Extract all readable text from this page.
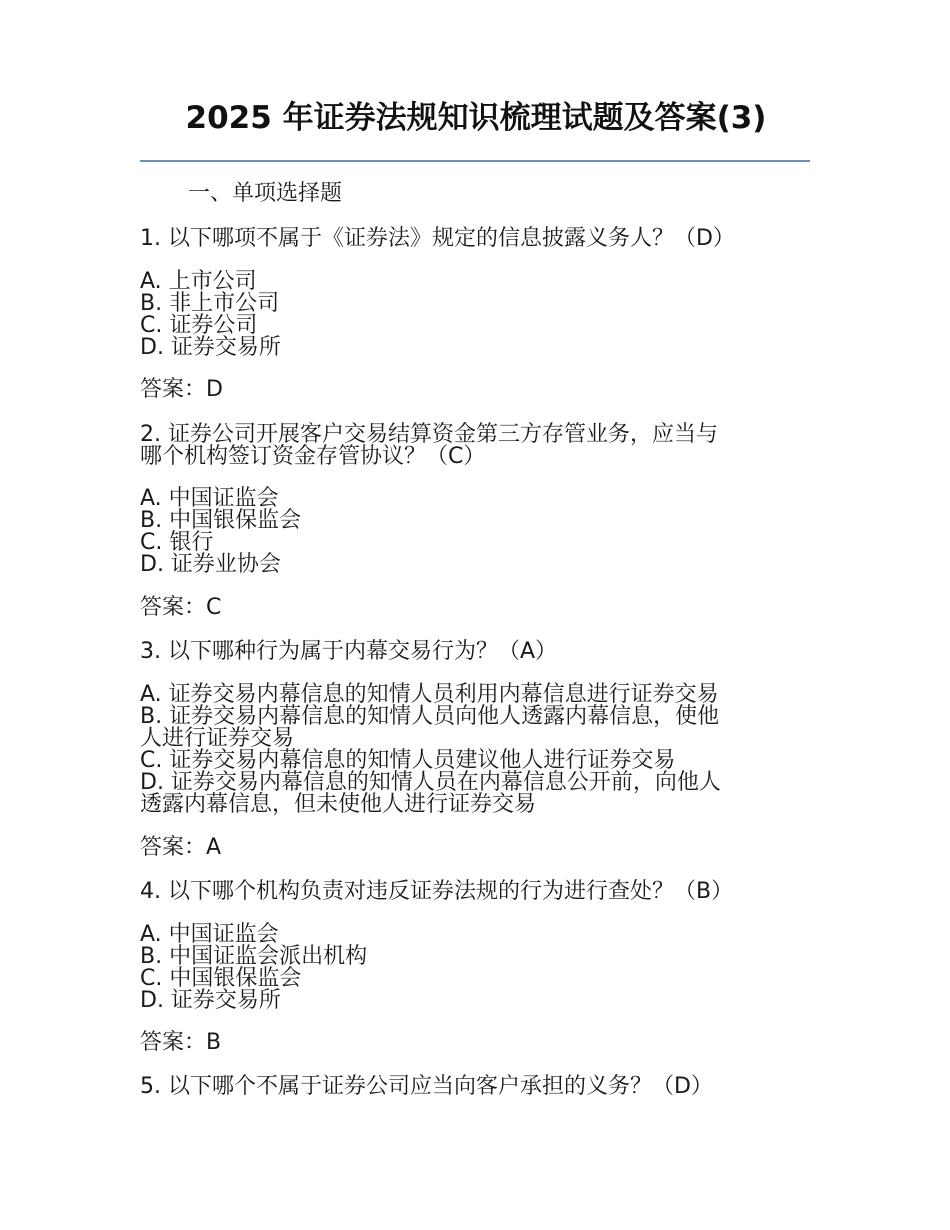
2025 年证券法规知识梳理试题及答案(3)
一、单项选择题
1. 以下哪项不属于《证券法》规定的信息披露义务人？（D）
A. 上市公司
B. 非上市公司
C. 证券公司
D. 证券交易所
答案：D
2. 证券公司开展客户交易结算资金第三方存管业务，应当与
哪个机构签订资金存管协议？（C）
A. 中国证监会
B. 中国银保监会
C. 银行
D. 证券业协会
答案：C
3. 以下哪种行为属于内幕交易行为？（A）
A. 证券交易内幕信息的知情人员利用内幕信息进行证券交易
B. 证券交易内幕信息的知情人员向他人透露内幕信息，使他
人进行证券交易
C. 证券交易内幕信息的知情人员建议他人进行证券交易
D. 证券交易内幕信息的知情人员在内幕信息公开前，向他人
透露内幕信息，但未使他人进行证券交易
答案：A
4. 以下哪个机构负责对违反证券法规的行为进行查处？（B）
A. 中国证监会
B. 中国证监会派出机构
C. 中国银保监会
D. 证券交易所
答案：B
5. 以下哪个不属于证券公司应当向客户承担的义务？（D）
